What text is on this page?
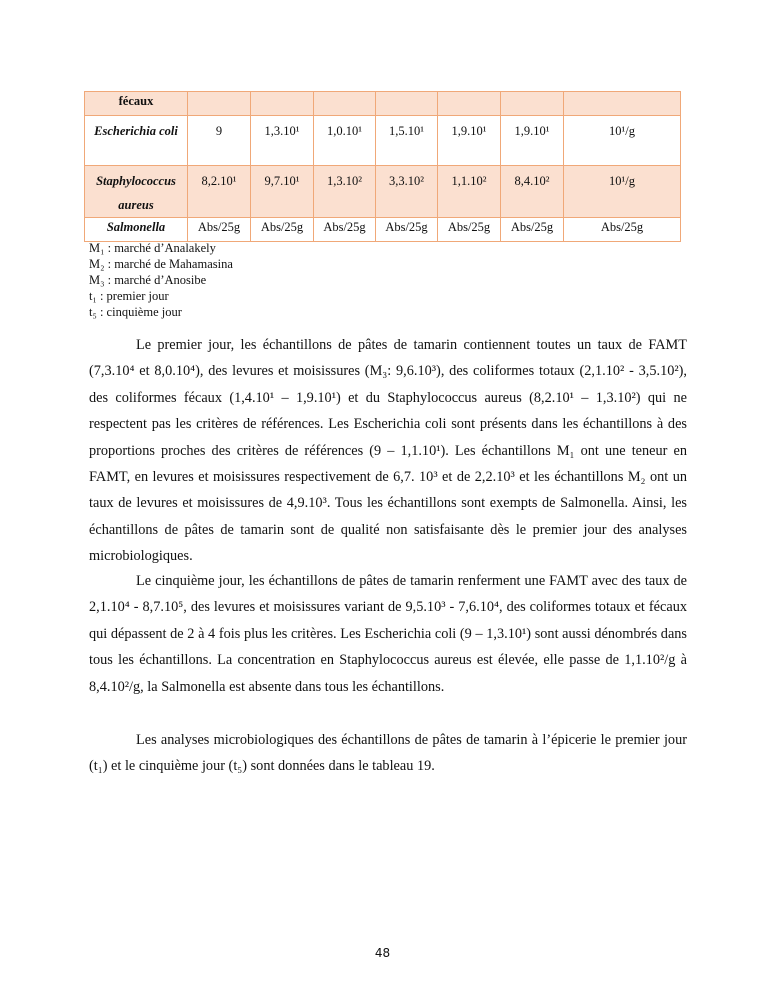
fécaux							
Escherichia coli	9	1,3.10¹	1,0.10¹	1,5.10¹	1,9.10¹	1,9.10¹	10¹/g
Staphylococcus aureus	8,2.10¹	9,7.10¹	1,3.10²	3,3.10²	1,1.10²	8,4.10²	10¹/g
Salmonella	Abs/25g	Abs/25g	Abs/25g	Abs/25g	Abs/25g	Abs/25g	Abs/25g
M₁ : marché d’Analakely
M₂ : marché de Mahamasina
M₃ : marché d’Anosibe
t₁ : premier jour
t₅ : cinquième jour

Le premier jour, les échantillons de pâtes de tamarin contiennent toutes un taux de FAMT (7,3.10⁴ et 8,0.10⁴), des levures et moisissures (M₃: 9,6.10³), des coliformes totaux (2,1.10² - 3,5.10²), des coliformes fécaux (1,4.10¹ – 1,9.10¹) et du Staphylococcus aureus (8,2.10¹ – 1,3.10²) qui ne respectent pas les critères de références. Les Escherichia coli sont présents dans les échantillons à des proportions proches des critères de références (9 – 1,1.10¹). Les échantillons M₁ ont une teneur en FAMT, en levures et moisissures respectivement de 6,7. 10³ et de 2,2.10³ et les échantillons M₂ ont un taux de levures et moisissures de 4,9.10³. Tous les échantillons sont exempts de Salmonella. Ainsi, les échantillons de pâtes de tamarin sont de qualité non satisfaisante dès le premier jour des analyses microbiologiques.

Le cinquième jour, les échantillons de pâtes de tamarin renferment une FAMT avec des taux de 2,1.10⁴ - 8,7.10⁵, des levures et moisissures variant de 9,5.10³ - 7,6.10⁴, des coliformes totaux et fécaux qui dépassent de 2 à 4 fois plus les critères. Les Escherichia coli (9 – 1,3.10¹) sont aussi dénombrés dans tous les échantillons. La concentration en Staphylococcus aureus est élevée, elle passe de 1,1.10²/g à 8,4.10²/g, la Salmonella est absente dans tous les échantillons.

Les analyses microbiologiques des échantillons de pâtes de tamarin à l’épicerie le premier jour (t₁) et le cinquième jour (t₅) sont données dans le tableau 19.

48
